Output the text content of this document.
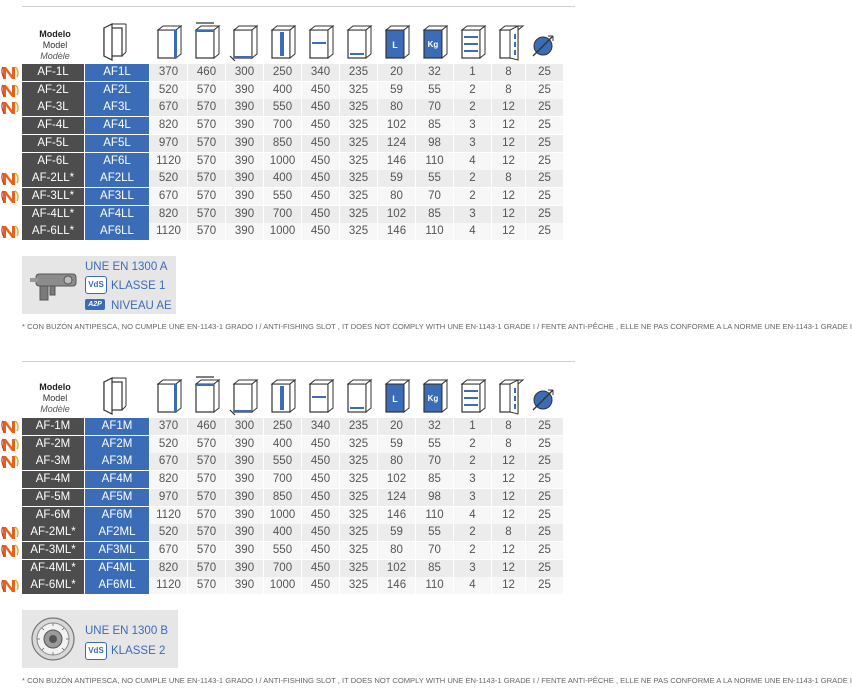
Modelo
Model
Modèle
L	Kg
AF-1L	AF1L	370	460	300	250	340	235	20	32	1	8	25
AF-2L	AF2L	520	570	390	400	450	325	59	55	2	8	25
AF-3L	AF3L	670	570	390	550	450	325	80	70	2	12	25
AF-4L	AF4L	820	570	390	700	450	325	102	85	3	12	25
AF-5L	AF5L	970	570	390	850	450	325	124	98	3	12	25
AF-6L	AF6L	1120	570	390	1000	450	325	146	110	4	12	25
AF-2LL*	AF2LL	520	570	390	400	450	325	59	55	2	8	25
AF-3LL*	AF3LL	670	570	390	550	450	325	80	70	2	12	25
AF-4LL*	AF4LL	820	570	390	700	450	325	102	85	3	12	25
AF-6LL*	AF6LL	1120	570	390	1000	450	325	146	110	4	12	25
UNE EN 1300 A
VdS KLASSE 1
A2P NIVEAU AE
* CON BUZÓN ANTIPESCA, NO CUMPLE UNE EN-1143-1 GRADO I / ANTI-FISHING SLOT , IT DOES NOT COMPLY WITH UNE EN-1143-1 GRADE I / FENTE ANTI-PÊCHE , ELLE NE PAS CONFORME A LA NORME UNE EN-1143-1 GRADE I
Modelo
Model
Modèle
L	Kg
AF-1M	AF1M	370	460	300	250	340	235	20	32	1	8	25
AF-2M	AF2M	520	570	390	400	450	325	59	55	2	8	25
AF-3M	AF3M	670	570	390	550	450	325	80	70	2	12	25
AF-4M	AF4M	820	570	390	700	450	325	102	85	3	12	25
AF-5M	AF5M	970	570	390	850	450	325	124	98	3	12	25
AF-6M	AF6M	1120	570	390	1000	450	325	146	110	4	12	25
AF-2ML*	AF2ML	520	570	390	400	450	325	59	55	2	8	25
AF-3ML*	AF3ML	670	570	390	550	450	325	80	70	2	12	25
AF-4ML*	AF4ML	820	570	390	700	450	325	102	85	3	12	25
AF-6ML*	AF6ML	1120	570	390	1000	450	325	146	110	4	12	25
UNE EN 1300 B
VdS KLASSE 2
* CON BUZÓN ANTIPESCA, NO CUMPLE UNE EN-1143-1 GRADO I / ANTI-FISHING SLOT , IT DOES NOT COMPLY WITH UNE EN-1143-1 GRADE I / FENTE ANTI-PÊCHE , ELLE NE PAS CONFORME A LA NORME UNE EN-1143-1 GRADE I
